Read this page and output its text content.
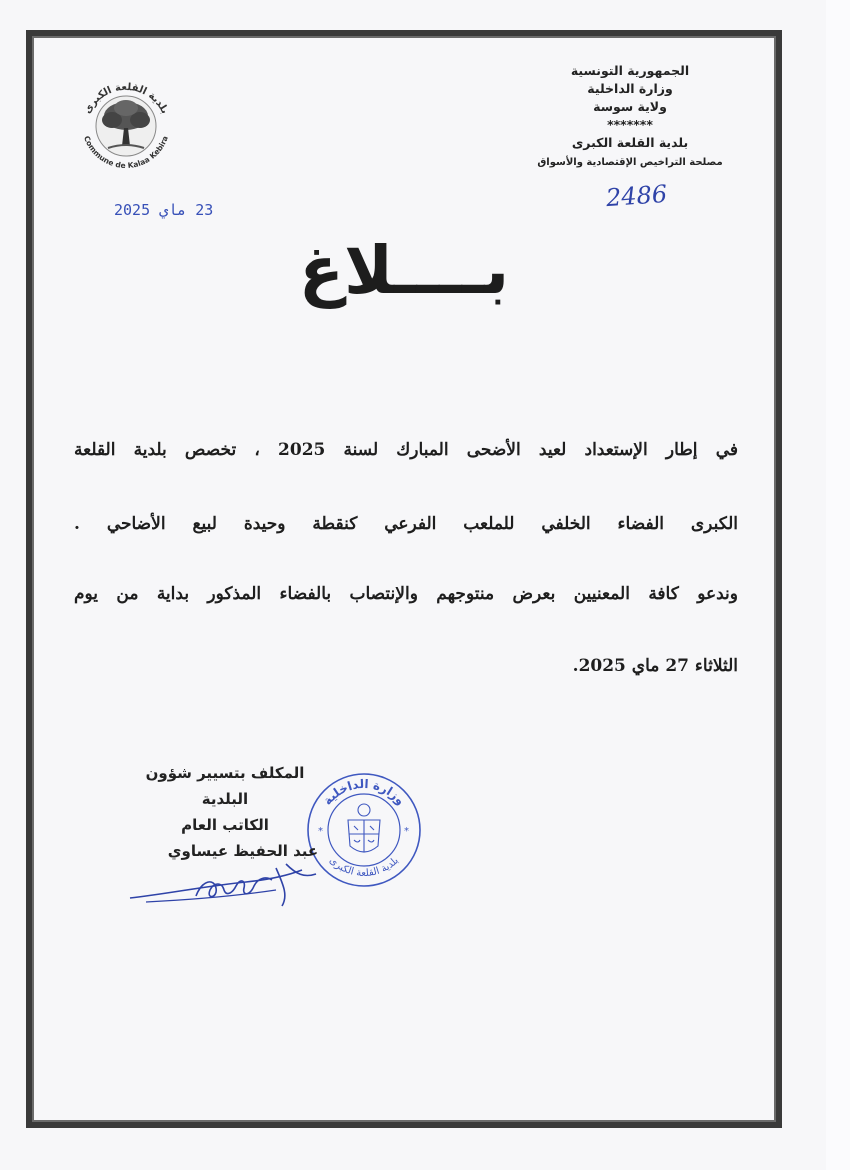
الجمهورية التونسية
وزارة الداخلية
ولاية سوسة
*******
بلدية القلعة الكبرى
مصلحة التراخيص الإقتصادية والأسواق
2486
بلدية القلعة الكبرى
Commune de Kalaa Kebira
23 ماي 2025
بــــلاغ
في إطار الإستعداد لعيد الأضحى المبارك لسنة 2025 ، تخصص بلدية القلعة
الكبرى الفضاء الخلفي للملعب الفرعي كنقطة وحيدة لبيع الأضاحي .
وندعو كافة المعنيين بعرض منتوجهم والإنتصاب بالفضاء المذكور بداية من يوم
الثلاثاء 27 ماي 2025.
وزارة الداخلية
بلدية القلعة الكبرى
*	*
المكلف بتسيير شؤون البلدية
الكاتب العام
عبد الحفيظ عيساوي
